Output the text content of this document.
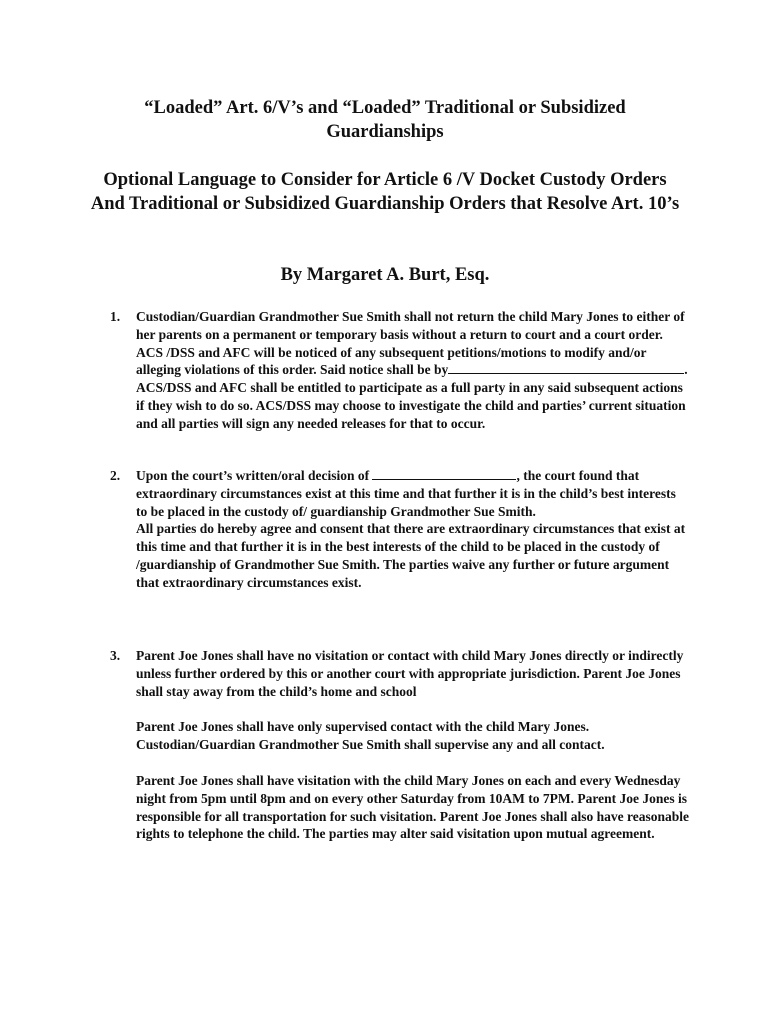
“Loaded” Art. 6/V’s and “Loaded” Traditional or Subsidized Guardianships
Optional Language to Consider for Article 6 /V Docket Custody Orders And Traditional or Subsidized Guardianship Orders that Resolve Art. 10’s
By Margaret A. Burt, Esq.
1.	Custodian/Guardian Grandmother Sue Smith shall not return the child Mary Jones to either of her parents on a permanent or temporary basis without a return to court and a court order. ACS /DSS and AFC will be noticed of any subsequent petitions/motions to modify and/or alleging violations of this order. Said notice shall be by	. ACS/DSS and AFC shall be entitled to participate as a full party in any said subsequent actions if they wish to do so. ACS/DSS may choose to investigate the child and parties’ current situation and all parties will sign any needed releases for that to occur.

2.	Upon the court’s written/oral decision of	, the court found that extraordinary circumstances exist at this time and that further it is in the child’s best interests to be placed in the custody of/ guardianship Grandmother Sue Smith.

All parties do hereby agree and consent that there are extraordinary circumstances that exist at this time and that further it is in the best interests of the child to be placed in the custody of /guardianship of Grandmother Sue Smith. The parties waive any further or future argument that extraordinary circumstances exist.

3.	Parent Joe Jones shall have no visitation or contact with child Mary Jones directly or indirectly unless further ordered by this or another court with appropriate jurisdiction. Parent Joe Jones shall stay away from the child’s home and school

Parent Joe Jones shall have only supervised contact with the child Mary Jones. Custodian/Guardian Grandmother Sue Smith shall supervise any and all contact.

Parent Joe Jones shall have visitation with the child Mary Jones on each and every Wednesday night from 5pm until 8pm and on every other Saturday from 10AM to 7PM. Parent Joe Jones is responsible for all transportation for such visitation. Parent Joe Jones shall also have reasonable rights to telephone the child. The parties may alter said visitation upon mutual agreement.
